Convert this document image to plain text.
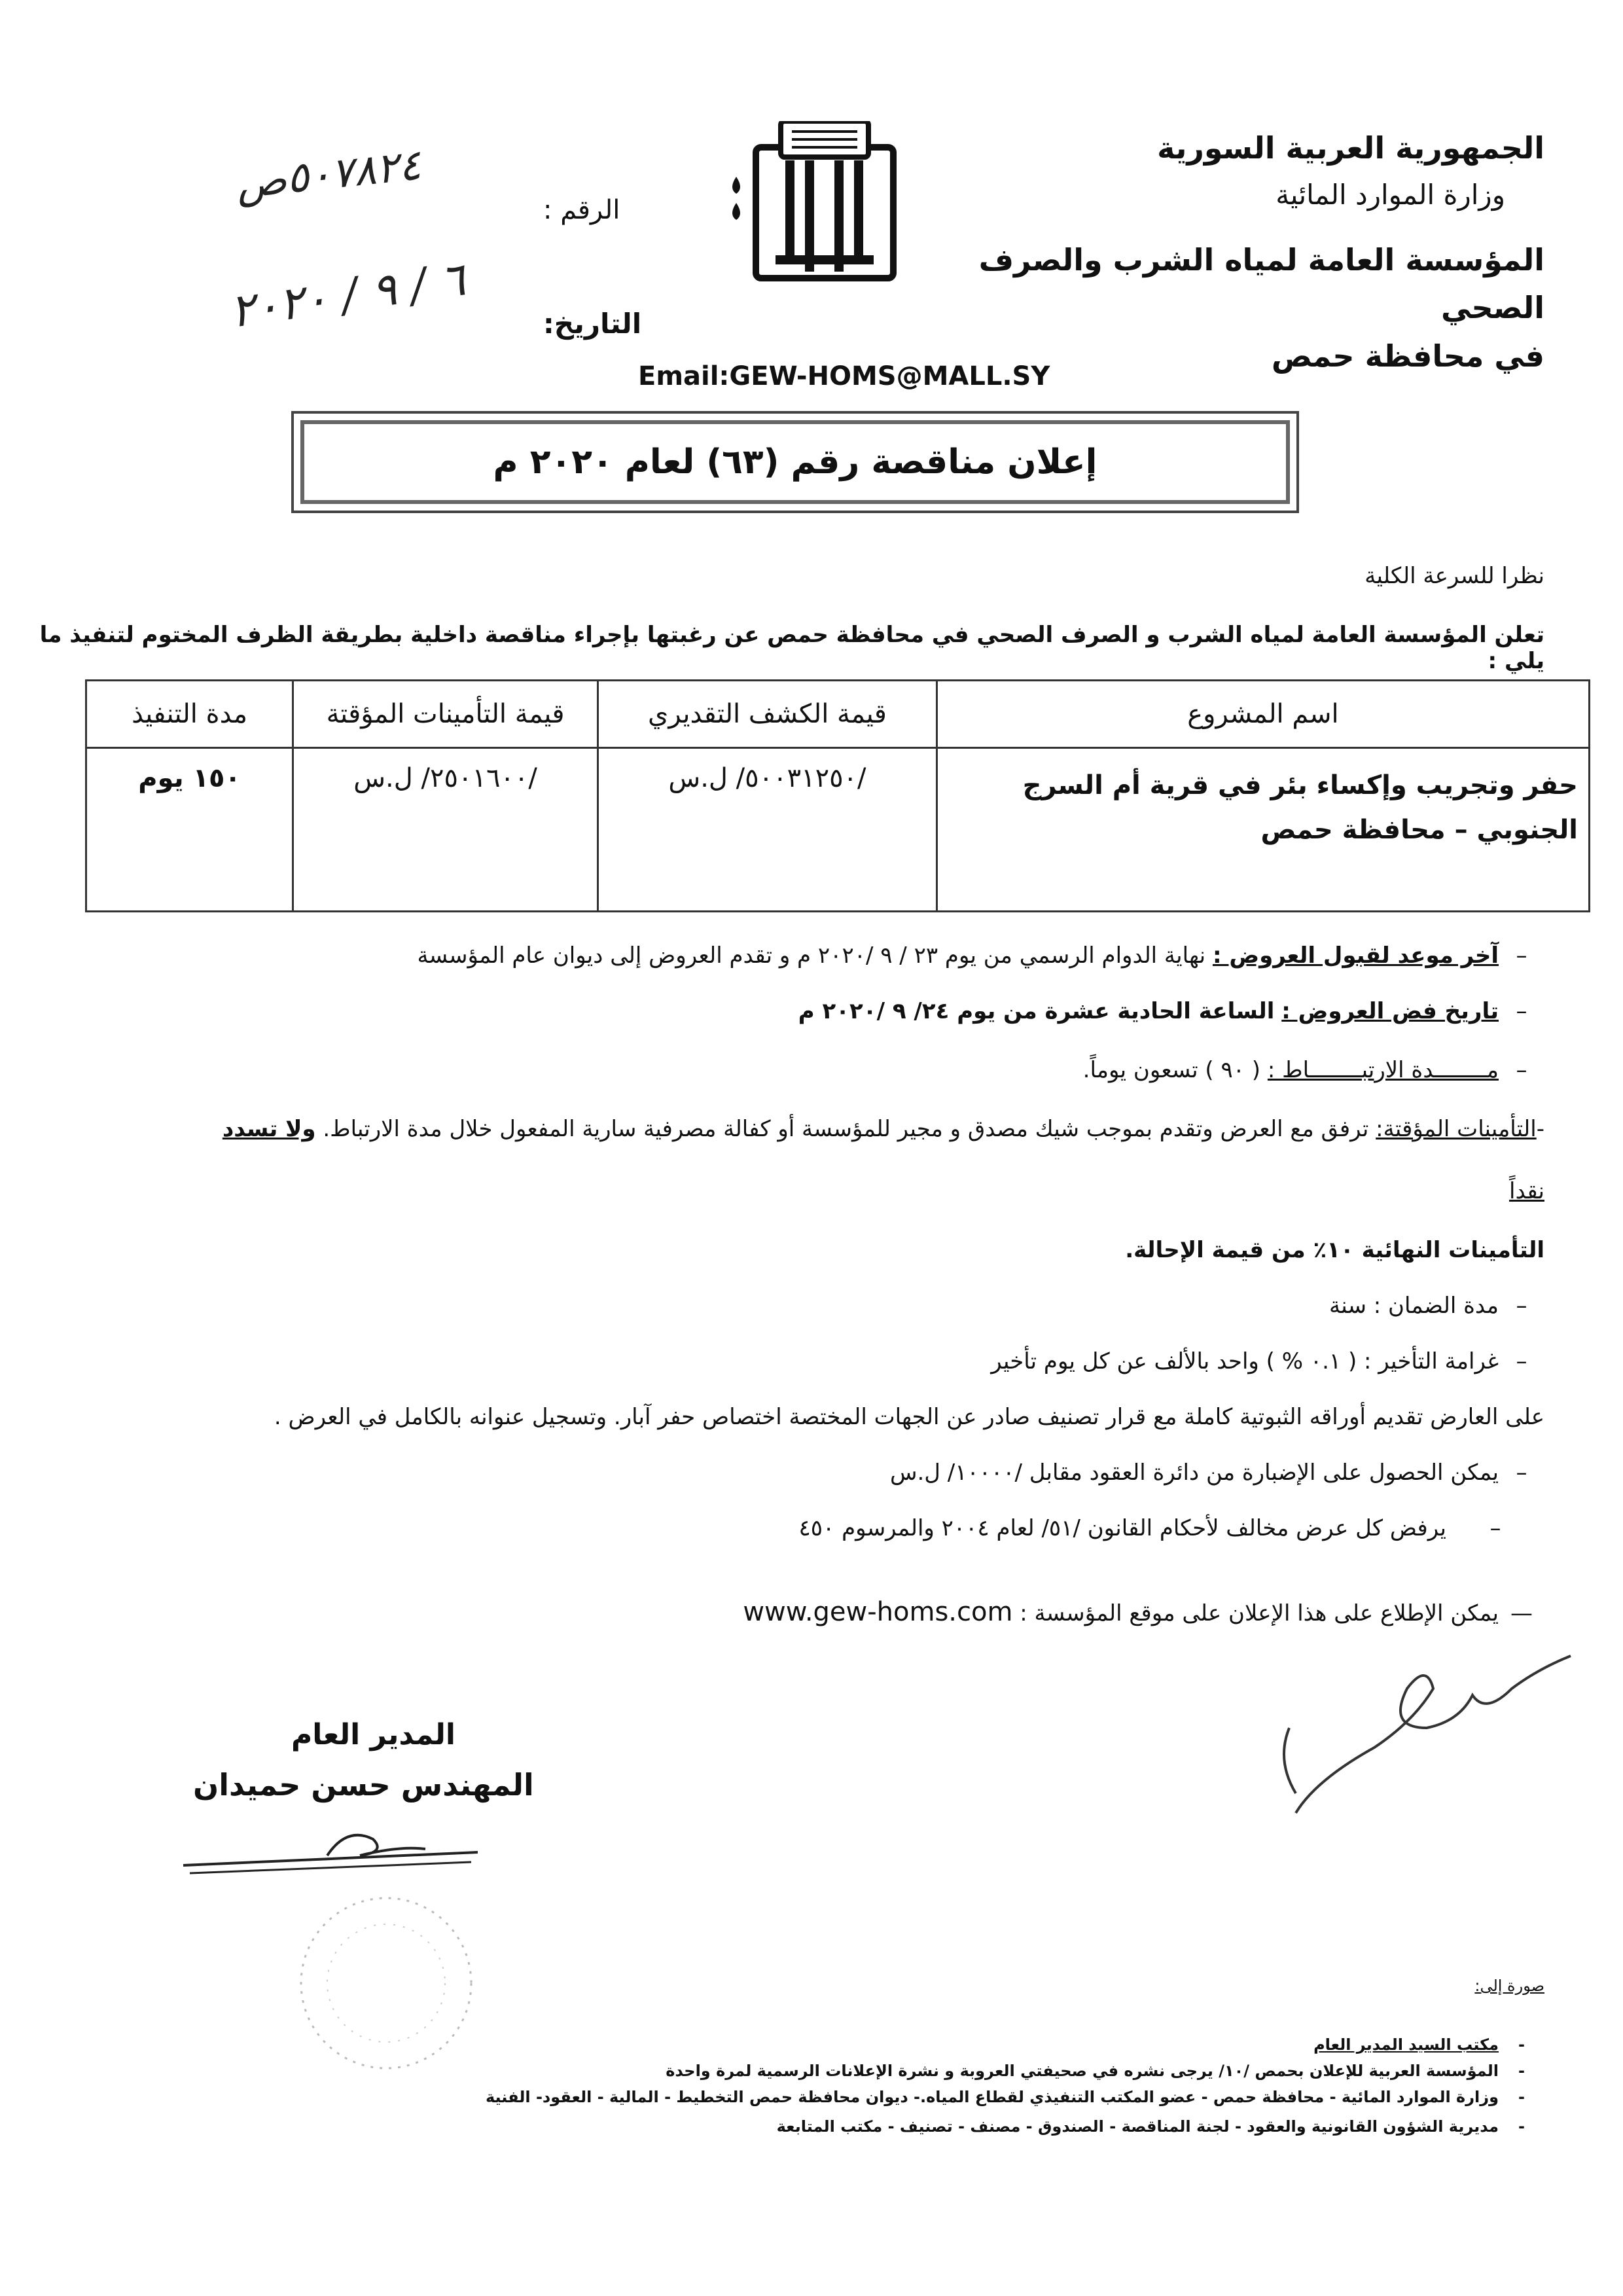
الجمهورية العربية السورية
وزارة الموارد المائية
المؤسسة العامة لمياه الشرب والصرف الصحي
في محافظة حمص
الرقم :
٥٠٧٨٢٤ص
التاريخ:
٦ / ٩ / ٢٠٢٠
Email:GEW-HOMS@MALL.SY
إعلان مناقصة رقم (٦٣) لعام ٢٠٢٠ م
نظرا للسرعة الكلية
تعلن المؤسسة العامة لمياه الشرب و الصرف الصحي في محافظة حمص عن رغبتها بإجراء مناقصة داخلية بطريقة الظرف المختوم لتنفيذ ما يلي :
اسم المشروع	قيمة الكشف التقديري	قيمة التأمينات المؤقتة	مدة التنفيذ
حفر وتجريب وإكساء بئر في قرية أم السرج الجنوبي – محافظة حمص	/٥٠٠٣١٢٥٠/ ل.س	/٢٥٠١٦٠٠/ ل.س	١٥٠ يوم
–آخر موعد لقبول العروض : نهاية الدوام الرسمي من يوم ٢٣ / ٩ /٢٠٢٠ م و تقدم العروض إلى ديوان عام المؤسسة
–تاريخ فض العروض : الساعة الحادية عشرة من يوم ٢٤/ ٩ /٢٠٢٠ م
–مــــــــدة الارتبــــــــاط : ( ٩٠ ) تسعون يوماً.
-التأمينات المؤقتة: ترفق مع العرض وتقدم بموجب شيك مصدق و مجير للمؤسسة أو كفالة مصرفية سارية المفعول خلال مدة الارتباط. ولا تسدد
نقداً
التأمينات النهائية ١٠٪ من قيمة الإحالة.
–مدة الضمان : سنة
–غرامة التأخير : ( ٠.١ % ) واحد بالألف عن كل يوم تأخير
على العارض تقديم أوراقه الثبوتية كاملة مع قرار تصنيف صادر عن الجهات المختصة اختصاص حفر آبار. وتسجيل عنوانه بالكامل في العرض .
–يمكن الحصول على الإضبارة من دائرة العقود مقابل /١٠٠٠٠/ ل.س
–يرفض كل عرض مخالف لأحكام القانون /٥١/ لعام ٢٠٠٤ والمرسوم ٤٥٠
—يمكن الإطلاع على هذا الإعلان على موقع المؤسسة : www.gew-homs.com
المدير العام
المهندس حسن حميدان
صورة إلى:
-مكتب السيد المدير العام
-المؤسسة العربية للإعلان بحمص /١٠/ يرجى نشره في صحيفتي العروبة و نشرة الإعلانات الرسمية لمرة واحدة
-وزارة الموارد المائية - محافظة حمص - عضو المكتب التنفيذي لقطاع المياه.- ديوان محافظة حمص التخطيط - المالية - العقود- الفنية
-مديرية الشؤون القانونية والعقود - لجنة المناقصة - الصندوق - مصنف - تصنيف - مكتب المتابعة
